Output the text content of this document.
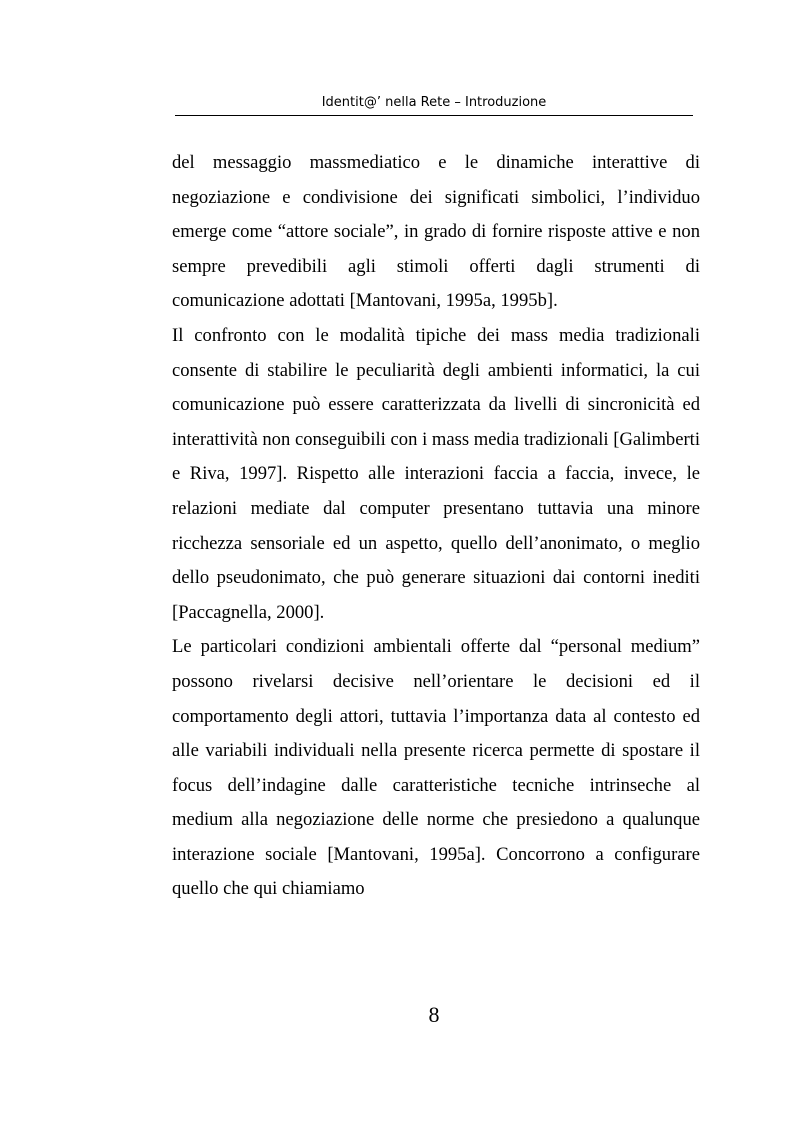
Identit@’ nella Rete – Introduzione

del messaggio massmediatico e le dinamiche interattive di negoziazione e condivisione dei significati simbolici, l’individuo emerge come “attore sociale”, in grado di fornire risposte attive e non sempre prevedibili agli stimoli offerti dagli strumenti di comunicazione adottati [Mantovani, 1995a, 1995b].

Il confronto con le modalità tipiche dei mass media tradizionali consente di stabilire le peculiarità degli ambienti informatici, la cui comunicazione può essere caratterizzata da livelli di sincronicità ed interattività non conseguibili con i mass media tradizionali [Galimberti e Riva, 1997]. Rispetto alle interazioni faccia a faccia, invece, le relazioni mediate dal computer presentano tuttavia una minore ricchezza sensoriale ed un aspetto, quello dell’anonimato, o meglio dello pseudonimato, che può generare situazioni dai contorni inediti [Paccagnella, 2000].

Le particolari condizioni ambientali offerte dal “personal medium” possono rivelarsi decisive nell’orientare le decisioni ed il comportamento degli attori, tuttavia l’importanza data al contesto ed alle variabili individuali nella presente ricerca permette di spostare il focus dell’indagine dalle caratteristiche tecniche intrinseche al medium alla negoziazione delle norme che presiedono a qualunque interazione sociale [Mantovani, 1995a]. Concorrono a configurare quello che qui chiamiamo

8
